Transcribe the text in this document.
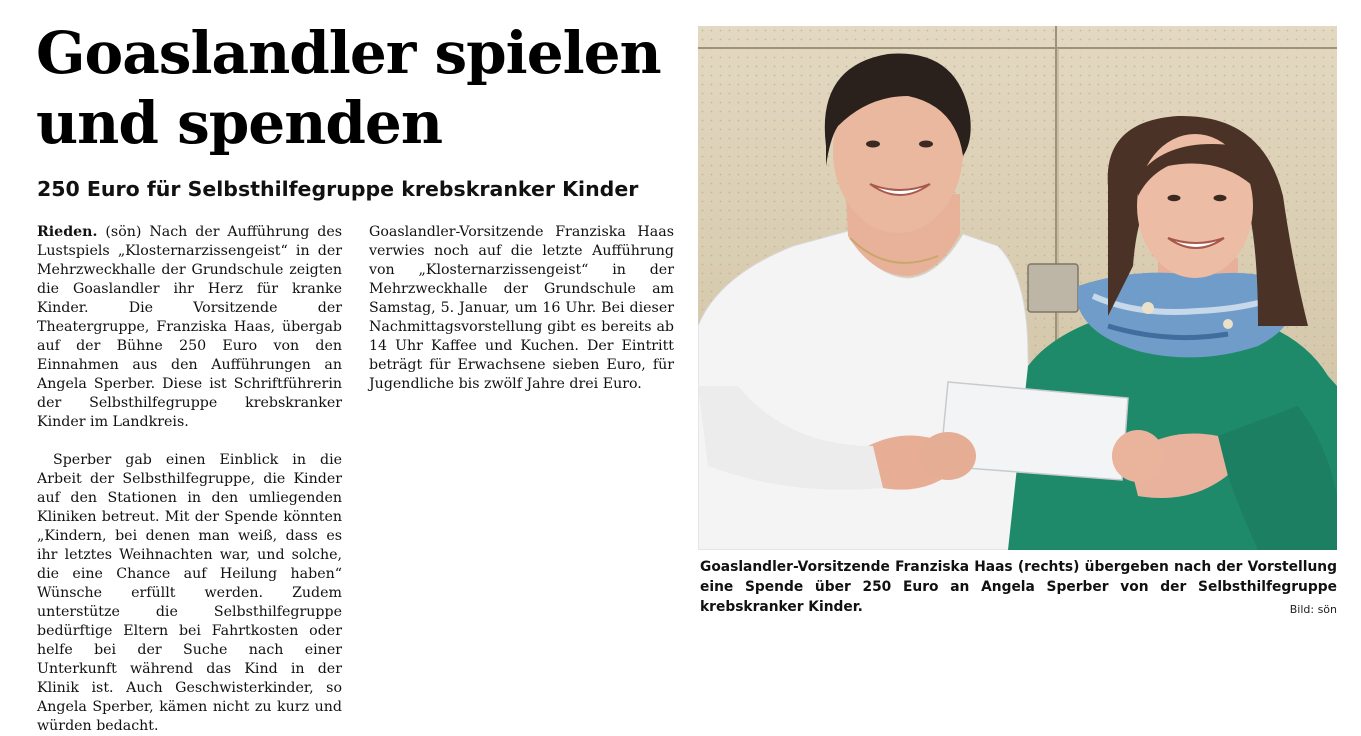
Goaslandler spielen
und spenden
250 Euro für Selbsthilfegruppe krebskranker Kinder

Rieden. (sön) Nach der Aufführung des Lustspiels „Klosternarzissengeist“ in der Mehrzweckhalle der Grundschule zeigten die Goaslandler ihr Herz für kranke Kinder. Die Vorsitzende der Theatergruppe, Franziska Haas, übergab auf der Bühne 250 Euro von den Einnahmen aus den Aufführungen an Angela Sperber. Diese ist Schriftführerin der Selbsthilfegruppe krebskranker Kinder im Landkreis.

Sperber gab einen Einblick in die Arbeit der Selbsthilfegruppe, die Kinder auf den Stationen in den umliegenden Kliniken betreut. Mit der Spende könnten „Kindern, bei denen man weiß, dass es ihr letztes Weihnachten war, und solche, die eine Chance auf Heilung haben“ Wünsche erfüllt werden. Zudem unterstütze die Selbsthilfegruppe bedürftige Eltern bei Fahrtkosten oder helfe bei der Suche nach einer Unterkunft während das Kind in der Klinik ist. Auch Geschwisterkinder, so Angela Sperber, kämen nicht zu kurz und würden bedacht.

Goaslandler-Vorsitzende Franziska Haas verwies noch auf die letzte Aufführung von „Klosternarzissengeist“ in der Mehrzweckhalle der Grundschule am Samstag, 5. Januar, um 16 Uhr. Bei dieser Nachmittagsvorstellung gibt es bereits ab 14 Uhr Kaffee und Kuchen. Der Eintritt beträgt für Erwachsene sieben Euro, für Jugendliche bis zwölf Jahre drei Euro.

Goaslandler-Vorsitzende Franziska Haas (rechts) übergeben nach der Vorstellung eine Spende über 250 Euro an Angela Sperber von der Selbsthilfegruppe krebskranker Kinder.	Bild: sön
